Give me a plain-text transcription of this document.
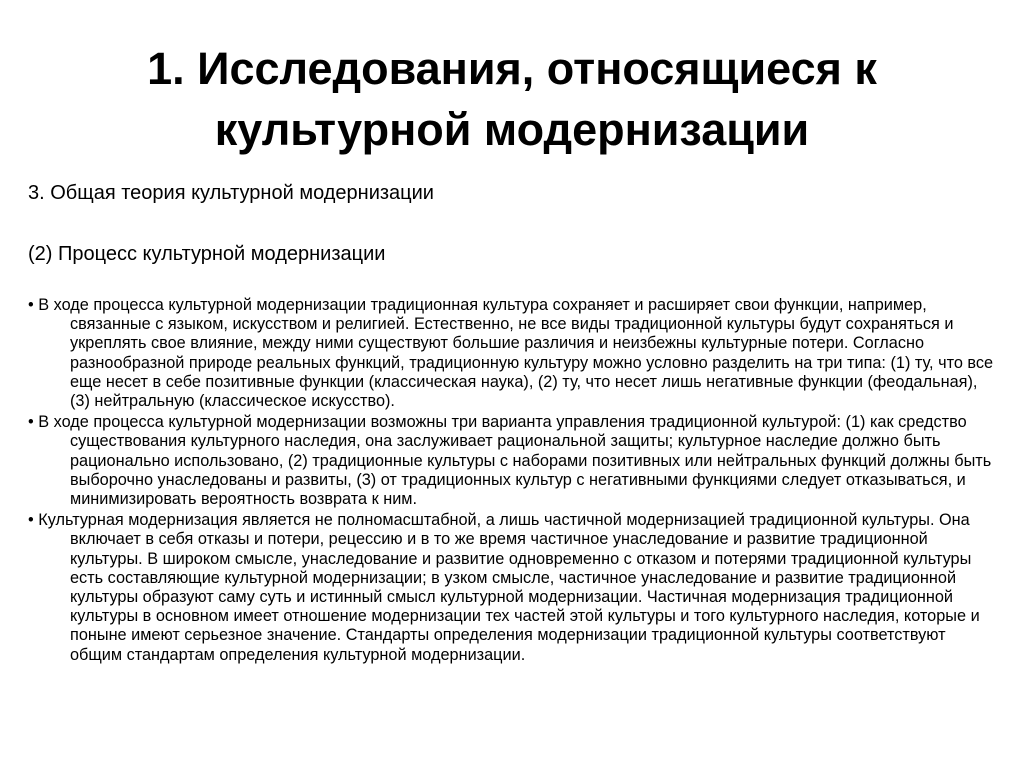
1. Исследования, относящиеся к
культурной модернизации

3. Общая теория культурной модернизации

(2) Процесс культурной модернизации

• В ходе процесса культурной модернизации традиционная культура сохраняет и расширяет свои функции, например, связанные с языком, искусством и религией. Естественно, не все виды традиционной культуры будут сохраняться и укреплять свое влияние, между ними существуют большие различия и неизбежны культурные потери. Согласно разнообразной природе реальных функций, традиционную культуру можно условно разделить на три типа: (1) ту, что все еще несет в себе позитивные функции (классическая наука), (2) ту, что несет лишь негативные функции (феодальная), (3) нейтральную (классическое искусство).
• В ходе процесса культурной модернизации возможны три варианта управления традиционной культурой: (1) как средство существования культурного наследия, она заслуживает рациональной защиты; культурное наследие должно быть рационально использовано, (2) традиционные культуры с наборами позитивных или нейтральных функций должны быть выборочно унаследованы и развиты, (3) от традиционных культур с негативными функциями следует отказываться, и минимизировать вероятность возврата к ним.
• Культурная модернизация является не полномасштабной, а лишь частичной модернизацией традиционной культуры. Она включает в себя отказы и потери, рецессию и в то же время частичное унаследование и развитие традиционной культуры. В широком смысле, унаследование и развитие одновременно с отказом и потерями традиционной культуры есть составляющие культурной модернизации; в узком смысле, частичное унаследование и развитие традиционной культуры образуют саму суть и истинный смысл культурной модернизации. Частичная модернизация традиционной культуры в основном имеет отношение модернизации тех частей этой культуры и того культурного наследия, которые и поныне имеют серьезное значение. Стандарты определения модернизации традиционной культуры соответствуют общим стандартам определения культурной модернизации.
